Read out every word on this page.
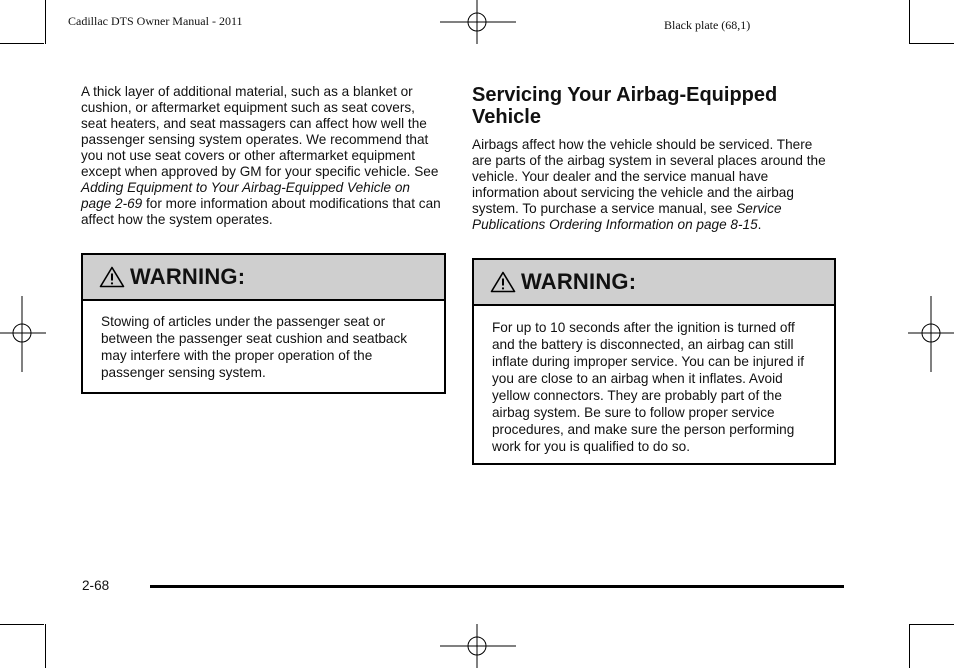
Cadillac DTS Owner Manual - 2011	Black plate (68,1)

A thick layer of additional material, such as a blanket or cushion, or aftermarket equipment such as seat covers, seat heaters, and seat massagers can affect how well the passenger sensing system operates. We recommend that you not use seat covers or other aftermarket equipment except when approved by GM for your specific vehicle. See Adding Equipment to Your Airbag-Equipped Vehicle on page 2-69 for more information about modifications that can affect how the system operates.

WARNING:
Stowing of articles under the passenger seat or between the passenger seat cushion and seatback may interfere with the proper operation of the passenger sensing system.
Servicing Your Airbag-Equipped Vehicle

Airbags affect how the vehicle should be serviced. There are parts of the airbag system in several places around the vehicle. Your dealer and the service manual have information about servicing the vehicle and the airbag system. To purchase a service manual, see Service Publications Ordering Information on page 8-15.

WARNING:
For up to 10 seconds after the ignition is turned off and the battery is disconnected, an airbag can still inflate during improper service. You can be injured if you are close to an airbag when it inflates. Avoid yellow connectors. They are probably part of the airbag system. Be sure to follow proper service procedures, and make sure the person performing work for you is qualified to do so.
2-68
